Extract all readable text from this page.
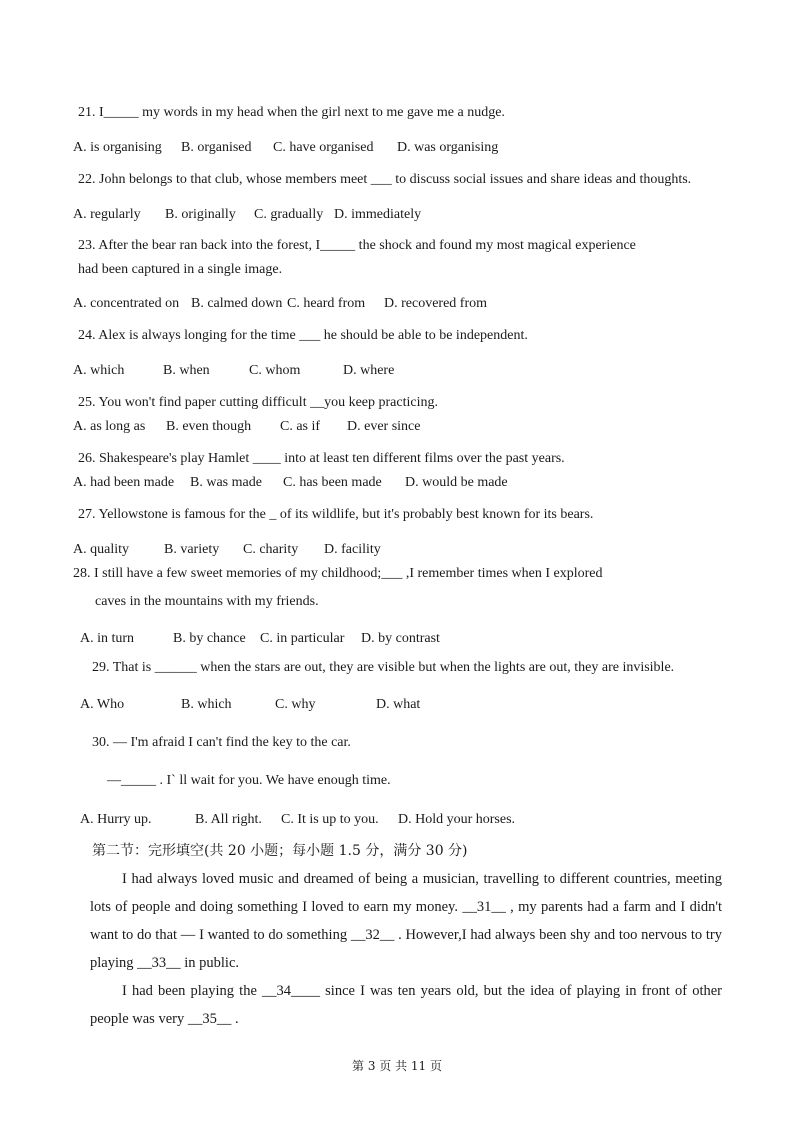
21. I_____ my words in my head when the girl next to me gave me a nudge.
A. is organising B. organised C. have organised D. was organising
22. John belongs to that club, whose members meet ___ to discuss social issues and share ideas and thoughts.
A. regularly B. originally C. gradually D. immediately
23. After the bear ran back into the forest, I_____ the shock and found my most magical experience
had been captured in a single image.
A. concentrated on B. calmed down C. heard from D. recovered from
24. Alex is always longing for the time ___ he should be able to be independent.
A. which	B. when	C. whom	D. where
25. You won't find paper cutting difficult __you keep practicing.
A. as long as B. even though C. as if D. ever since
26. Shakespeare's play Hamlet ____ into at least ten different films over the past years.
A. had been made B. was made C. has been made D. would be made
27. Yellowstone is famous for the _ of its wildlife, but it's probably best known for its bears.
A. quality	B. variety C. charity D. facility
28. I still have a few sweet memories of my childhood;___ ,I remember times when I explored
caves in the mountains with my friends.
A. in turn	B. by chance C. in particular D. by contrast
29. That is ______ when the stars are out, they are visible but when the lights are out, they are invisible.
A. Who	B. which	C. why	D. what
30. — I'm afraid I can't find the key to the car.
—_____ . I` ll wait for you. We have enough time.
A. Hurry up.	B. All right. C. It is up to you. D. Hold your horses.
第二节：完形填空(共 20 小题；每小题 1.5 分，满分 30 分)

I had always loved music and dreamed of being a musician, travelling to different countries, meeting lots of people and doing something I loved to earn my money. __31__ , my parents had a farm and I didn't want to do that — I wanted to do something __32__ . However,I had always been shy and too nervous to try playing __33__ in public.

I had been playing the __34____ since I was ten years old, but the idea of playing in front of other people was very __35__ .

第 3 页 共 11 页
